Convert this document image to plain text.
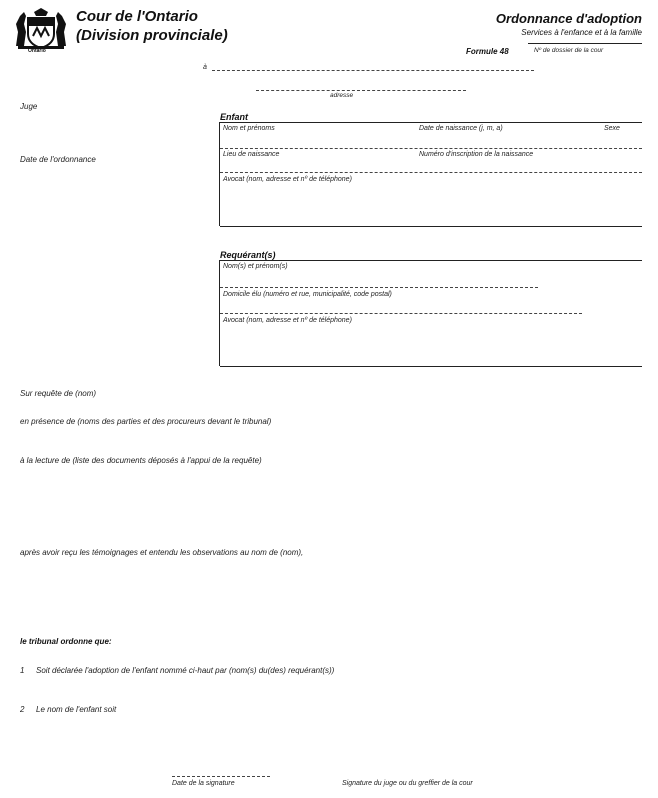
Ontario
Cour de l'Ontario
(Division provinciale)
Ordonnance d'adoption
Services à l'enfance et à la famille
Formule 48	Nº de dossier de la cour
à
adresse
Juge
Date de l'ordonnance
Enfant
Nom et prénoms	Date de naissance (j, m, a)	Sexe
Lieu de naissance	Numéro d'inscription de la naissance
Avocat (nom, adresse et nº de téléphone)
Requérant(s)
Nom(s) et prénom(s)
Domicile élu (numéro et rue, municipalité, code postal)
Avocat (nom, adresse et nº de téléphone)
Sur requête de (nom)
en présence de (noms des parties et des procureurs devant le tribunal)
à la lecture de (liste des documents déposés à l'appui de la requête)
après avoir reçu les témoignages et entendu les observations au nom de (nom),
le tribunal ordonne que:
1 Soit déclarée l'adoption de l'enfant nommé ci-haut par (nom(s) du(des) requérant(s))
2 Le nom de l'enfant soit
Date de la signature	Signature du juge ou du greffier de la cour
